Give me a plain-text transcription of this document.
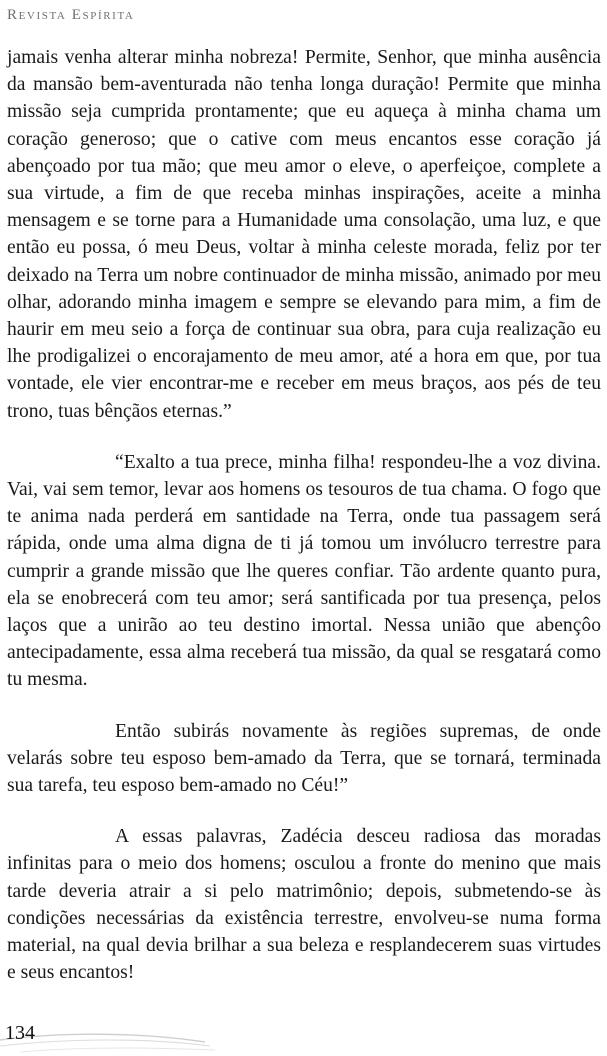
Revista Espírita

jamais venha alterar minha nobreza! Permite, Senhor, que minha ausência da mansão bem-aventurada não tenha longa duração! Permite que minha missão seja cumprida prontamente; que eu aqueça à minha chama um coração generoso; que o cative com meus encantos esse coração já abençoado por tua mão; que meu amor o eleve, o aperfeiçoe, complete a sua virtude, a fim de que receba minhas inspirações, aceite a minha mensagem e se torne para a Humanidade uma consolação, uma luz, e que então eu possa, ó meu Deus, voltar à minha celeste morada, feliz por ter deixado na Terra um nobre continuador de minha missão, animado por meu olhar, adorando minha imagem e sempre se elevando para mim, a fim de haurir em meu seio a força de continuar sua obra, para cuja realização eu lhe prodigalizei o encorajamento de meu amor, até a hora em que, por tua vontade, ele vier encontrar-me e receber em meus braços, aos pés de teu trono, tuas bênçãos eternas.”

“Exalto a tua prece, minha filha! respondeu-lhe a voz divina. Vai, vai sem temor, levar aos homens os tesouros de tua chama. O fogo que te anima nada perderá em santidade na Terra, onde tua passagem será rápida, onde uma alma digna de ti já tomou um invólucro terrestre para cumprir a grande missão que lhe queres confiar. Tão ardente quanto pura, ela se enobrecerá com teu amor; será santificada por tua presença, pelos laços que a unirão ao teu destino imortal. Nessa união que abençôo antecipadamente, essa alma receberá tua missão, da qual se resgatará como tu mesma.

Então subirás novamente às regiões supremas, de onde velarás sobre teu esposo bem-amado da Terra, que se tornará, terminada sua tarefa, teu esposo bem-amado no Céu!”

A essas palavras, Zadécia desceu radiosa das moradas infinitas para o meio dos homens; osculou a fronte do menino que mais tarde deveria atrair a si pelo matrimônio; depois, submetendo-se às condições necessárias da existência terrestre, envolveu-se numa forma material, na qual devia brilhar a sua beleza e resplandecerem suas virtudes e seus encantos!

134
